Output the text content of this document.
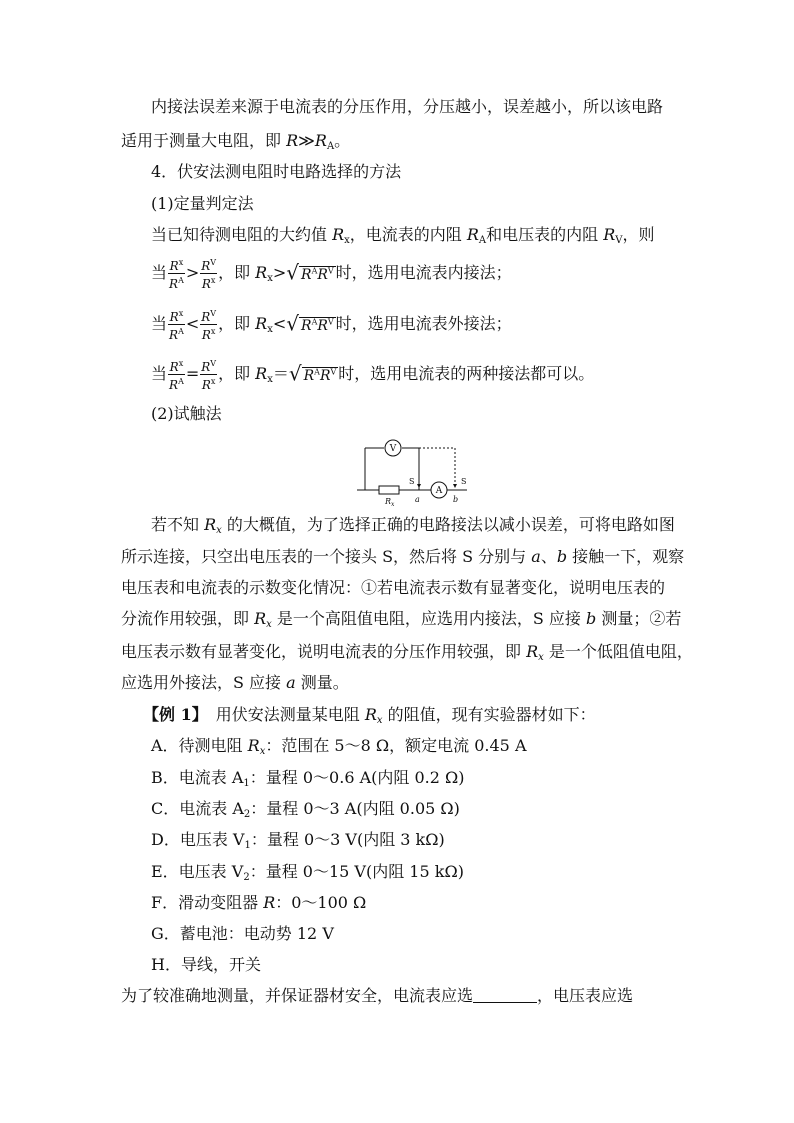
内接法误差来源于电流表的分压作用，分压越小，误差越小，所以该电路
适用于测量大电阻，即 $R≫R_A$。
4．伏安法测电阻时电路选择的方法
(1)定量判定法
当已知待测电阻的大约值 $R_x$，电流表的内阻 $R_A$和电压表的内阻 $R_V$，则
当 $\frac{R^x}{R^A} > \frac{R^V}{R^x}$ ，即 $R_x>√$ $R^AR^V$ 时，选用电流表内接法；
当 $\frac{R^x}{R^A} < \frac{R^V}{R^x}$ ，即 $R_x<√$ $R^AR^V$ 时，选用电流表外接法；
当 $\frac{R^x}{R^A} = \frac{R^V}{R^x}$ ，即 $R_x=√$ $R^AR^V$ 时，选用电流表的两种接法都可以。
(2)试触法
V
A
S	S
a	b
$R_x$
若不知 $R_x$ 的大概值，为了选择正确的电路接法以减小误差，可将电路如图
所示连接，只空出电压表的一个接头 S，然后将 S 分别与 a、b 接触一下，观察
电压表和电流表的示数变化情况：①若电流表示数有显著变化，说明电压表的
分流作用较强，即 $R_x$ 是一个高阻值电阻，应选用内接法，S 应接 b 测量；②若
电压表示数有显著变化，说明电流表的分压作用较强，即 $R_x$ 是一个低阻值电阻，
应选用外接法，S 应接 a 测量。
【例 1】　用伏安法测量某电阻 $R_x$ 的阻值，现有实验器材如下：
A．待测电阻 $R_x$：范围在 5～8 Ω，额定电流 0.45 A
B．电流表 $A_1$：量程 0～0.6 A(内阻 0.2 Ω)
C．电流表 $A_2$：量程 0～3 A(内阻 0.05 Ω)
D．电压表 $V_1$：量程 0～3 V(内阻 3 kΩ)
E．电压表 $V_2$：量程 0～15 V(内阻 15 kΩ)
F．滑动变阻器 R：0～100 Ω
G．蓄电池：电动势 12 V
H．导线，开关
为了较准确地测量，并保证器材安全，电流表应选	，电压表应选
